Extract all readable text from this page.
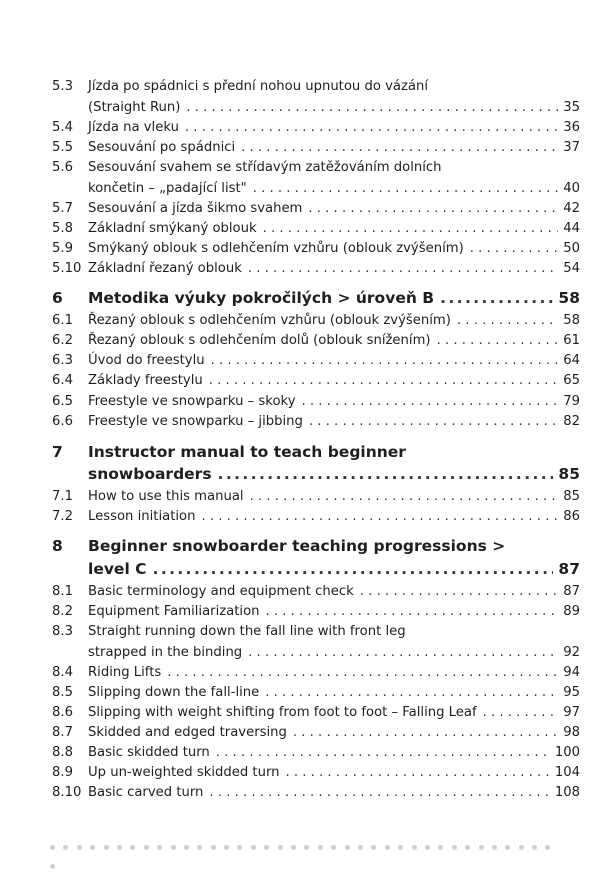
5.3 Jízda po spádnici s přední nohou upnutou do vázání
(Straight Run)	35
. . .
5.4 Jízda na vleku	36
. . .
5.5 Sesouvání po spádnici	37
. . .
5.6 Sesouvání svahem se střídavým zatěžováním dolních
končetin – „padající list"	40
. . .
5.7 Sesouvání a jízda šikmo svahem	42
. . .
5.8 Základní smýkaný oblouk	44
. . .
5.9 Smýkaný oblouk s odlehčením vzhůru (oblouk zvýšením)	50
. . .
5.10 Základní řezaný oblouk	54
. . .
6 Metodika výuky pokročilých > úroveň B	58
.....
6.1 Řezaný oblouk s odlehčením vzhůru (oblouk zvýšením)	58
. . .
6.2 Řezaný oblouk s odlehčením dolů (oblouk snížením)	61
. . .
6.3 Úvod do freestylu	64
. . .
6.4 Základy freestylu	65
. . .
6.5 Freestyle ve snowparku – skoky	79
. . .
6.6 Freestyle ve snowparku – jibbing	82
. . .
7 Instructor manual to teach beginner
snowboarders	85
.....
7.1 How to use this manual	85
. . .
7.2 Lesson initiation	86
. . .
8 Beginner snowboarder teaching progressions >
level C	87
.....
8.1 Basic terminology and equipment check	87
. . .
8.2 Equipment Familiarization	89
. . .
8.3 Straight running down the fall line with front leg
strapped in the binding	92
. . .
8.4 Riding Lifts	94
. . .
8.5 Slipping down the fall-line	95
. . .
8.6 Slipping with weight shifting from foot to foot – Falling Leaf	97
. . .
8.7 Skidded and edged traversing	98
. . .
8.8 Basic skidded turn	100
. . .
8.9 Up un-weighted skidded turn	104
. . .
8.10 Basic carved turn	108
. . .
